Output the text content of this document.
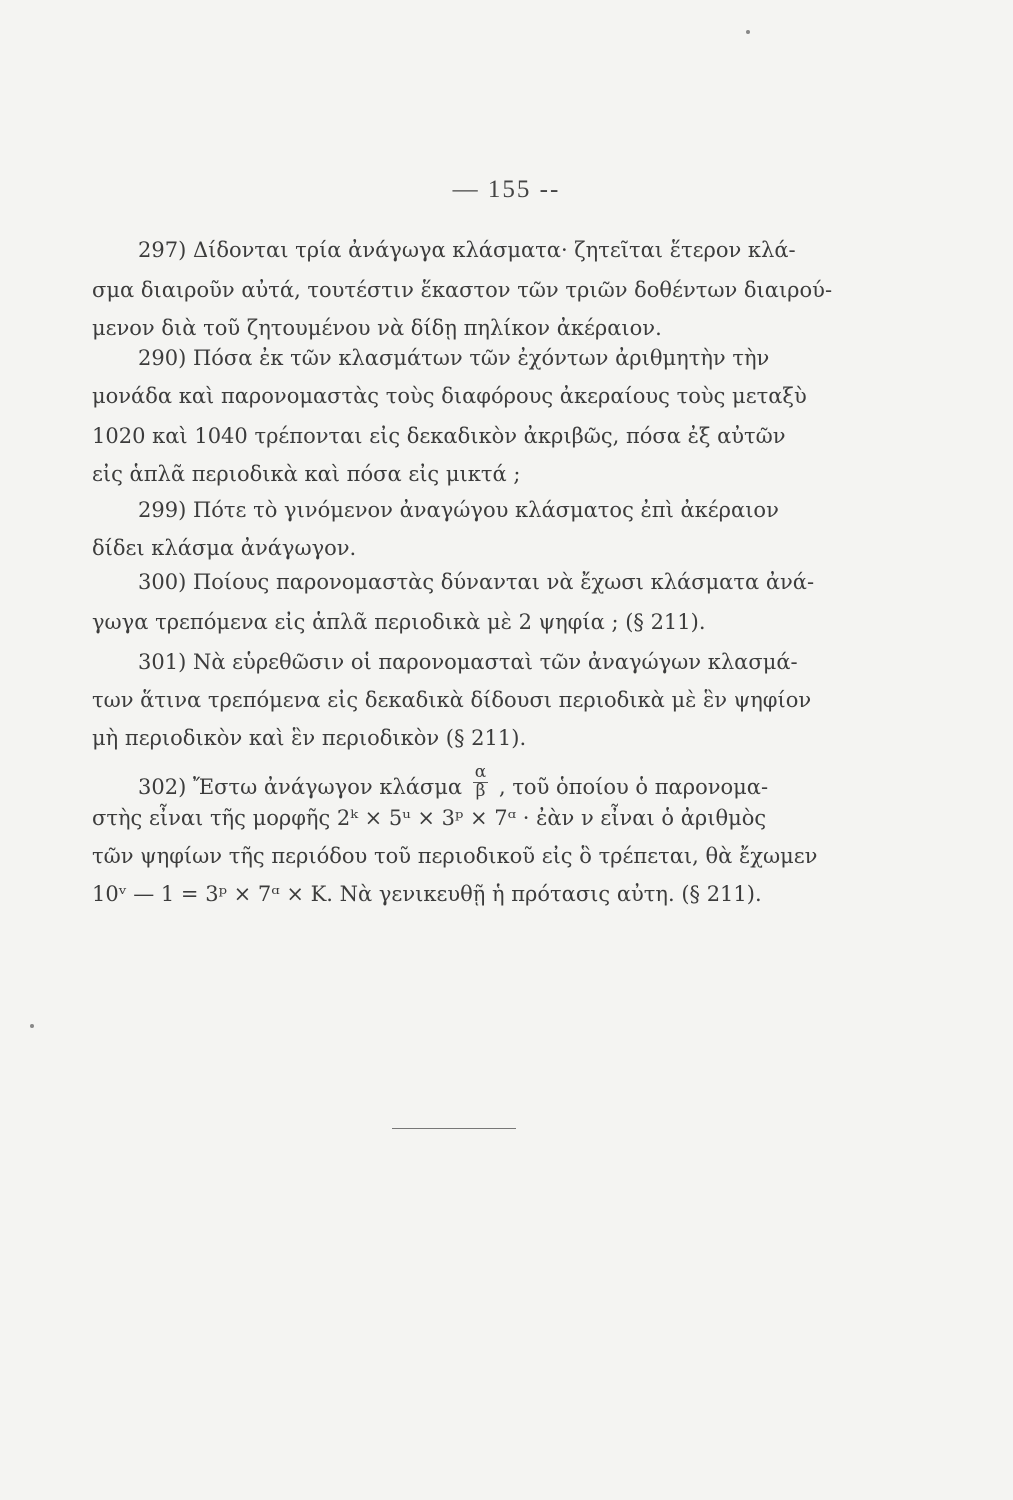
— 155 --
297) Δίδονται τρία ἀνάγωγα κλάσματα· ζητεῖται ἕτερον κλά-
σμα διαιροῦν αὐτά, τουτέστιν ἕκαστον τῶν τριῶν δοθέντων διαιρού-
μενον διὰ τοῦ ζητουμένου νὰ δίδῃ πηλίκον ἀκέραιον.
290) Πόσα ἐκ τῶν κλασμάτων τῶν ἐχόντων ἀριθμητὴν τὴν
μονάδα καὶ παρονομαστὰς τοὺς διαφόρους ἀκεραίους τοὺς μεταξὺ
1020 καὶ 1040 τρέπονται εἰς δεκαδικὸν ἀκριβῶς, πόσα ἐξ αὐτῶν
εἰς ἁπλᾶ περιοδικὰ καὶ πόσα εἰς μικτά ;
299) Πότε τὸ γινόμενον ἀναγώγου κλάσματος ἐπὶ ἀκέραιον
δίδει κλάσμα ἀνάγωγον.
300) Ποίους παρονομαστὰς δύνανται νὰ ἔχωσι κλάσματα ἀνά-
γωγα τρεπόμενα εἰς ἁπλᾶ περιοδικὰ μὲ 2 ψηφία ; (§ 211).
301) Νὰ εὑρεθῶσιν οἱ παρονομασταὶ τῶν ἀναγώγων κλασμά-
των ἅτινα τρεπόμενα εἰς δεκαδικὰ δίδουσι περιοδικὰ μὲ ἓν ψηφίον
μὴ περιοδικὸν καὶ ἓν περιοδικὸν (§ 211).
302) Ἔστω ἀνάγωγον κλάσμα $\frac{\alpha}{\beta}$ , τοῦ ὁποίου ὁ παρονομα-
στὴς εἶναι τῆς μορφῆς 2ᵏ × 5ᵘ × 3ᵖ × 7ᵅ · ἐὰν ν εἶναι ὁ ἀριθμὸς
τῶν ψηφίων τῆς περιόδου τοῦ περιοδικοῦ εἰς ὃ τρέπεται, θὰ ἔχωμεν
10ᵛ — 1 = 3ᵖ × 7ᵅ × Κ. Νὰ γενικευθῇ ἡ πρότασις αὐτη. (§ 211).
